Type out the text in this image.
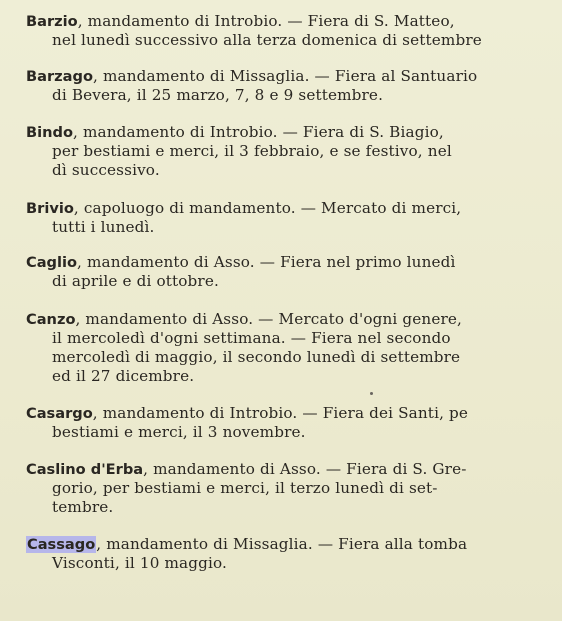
Barzio, mandamento di Introbio. — Fiera di S. Matteo,
nel lunedì successivo alla terza domenica di settembre
Barzago, mandamento di Missaglia. — Fiera al Santuario
di Bevera, il 25 marzo, 7, 8 e 9 settembre.
Bindo, mandamento di Introbio. — Fiera di S. Biagio,
per bestiami e merci, il 3 febbraio, e se festivo, nel
dì successivo.
Brivio, capoluogo di mandamento. — Mercato di merci,
tutti i lunedì.
Caglio, mandamento di Asso. — Fiera nel primo lunedì
di aprile e di ottobre.
Canzo, mandamento di Asso. — Mercato d'ogni genere,
il mercoledì d'ogni settimana. — Fiera nel secondo
mercoledì di maggio, il secondo lunedì di settembre
ed il 27 dicembre.
Casargo, mandamento di Introbio. — Fiera dei Santi, pe
bestiami e merci, il 3 novembre.
Caslino d'Erba, mandamento di Asso. — Fiera di S. Gre-
gorio, per bestiami e merci, il terzo lunedì di set-
tembre.
Cassago, mandamento di Missaglia. — Fiera alla tomba
Visconti, il 10 maggio.
